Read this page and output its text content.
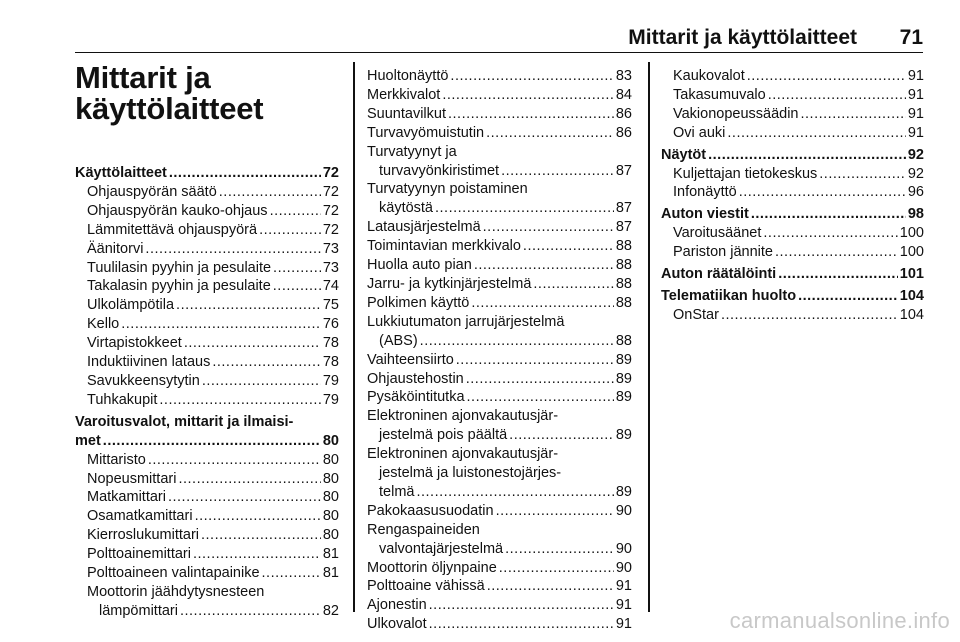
Mittarit ja käyttölaitteet 71
Mittarit ja
käyttölaitteet
Käyttölaitteet .....	72
Ohjauspyörän säätö .....	72
Ohjauspyörän kauko-ohjaus .....	72
Lämmitettävä ohjauspyörä .....	72
Äänitorvi .....	73
Tuulilasin pyyhin ja pesulaite .....	73
Takalasin pyyhin ja pesulaite .....	74
Ulkolämpötila .....	75
Kello .....	76
Virtapistokkeet .....	78
Induktiivinen lataus .....	78
Savukkeensytytin .....	79
Tuhkakupit .....	79
Varoitusvalot, mittarit ja ilmaisi-
met .....	80
Mittaristo .....	80
Nopeusmittari .....	80
Matkamittari .....	80
Osamatkamittari .....	80
Kierroslukumittari .....	80
Polttoainemittari .....	81
Polttoaineen valintapainike .....	81
Moottorin jäähdytysnesteen
lämpömittari .....	82
Huoltonäyttö .....	83
Merkkivalot .....	84
Suuntavilkut .....	86
Turvavyömuistutin .....	86
Turvatyynyt ja
turvavyönkiristimet .....	87
Turvatyynyn poistaminen
käytöstä .....	87
Latausjärjestelmä .....	87
Toimintavian merkkivalo .....	88
Huolla auto pian .....	88
Jarru- ja kytkinjärjestelmä .....	88
Polkimen käyttö .....	88
Lukkiutumaton jarrujärjestelmä
(ABS) .....	88
Vaihteensiirto .....	89
Ohjaustehostin .....	89
Pysäköintitutka .....	89
Elektroninen ajonvakautusjär-
jestelmä pois päältä .....	89
Elektroninen ajonvakautusjär-
jestelmä ja luistonestojärjes-
telmä .....	89
Pakokaasusuodatin .....	90
Rengaspaineiden
valvontajärjestelmä .....	90
Moottorin öljynpaine .....	90
Polttoaine vähissä .....	91
Ajonestin .....	91
Ulkovalot .....	91
Kaukovalot .....	91
Takasumuvalo .....	91
Vakionopeussäädin .....	91
Ovi auki .....	91
Näytöt .....	92
Kuljettajan tietokeskus .....	92
Infonäyttö .....	96
Auton viestit .....	98
Varoitusäänet .....	100
Pariston jännite .....	100
Auton räätälöinti .....	101
Telematiikan huolto .....	104
OnStar .....	104
carmanualsonline.info
